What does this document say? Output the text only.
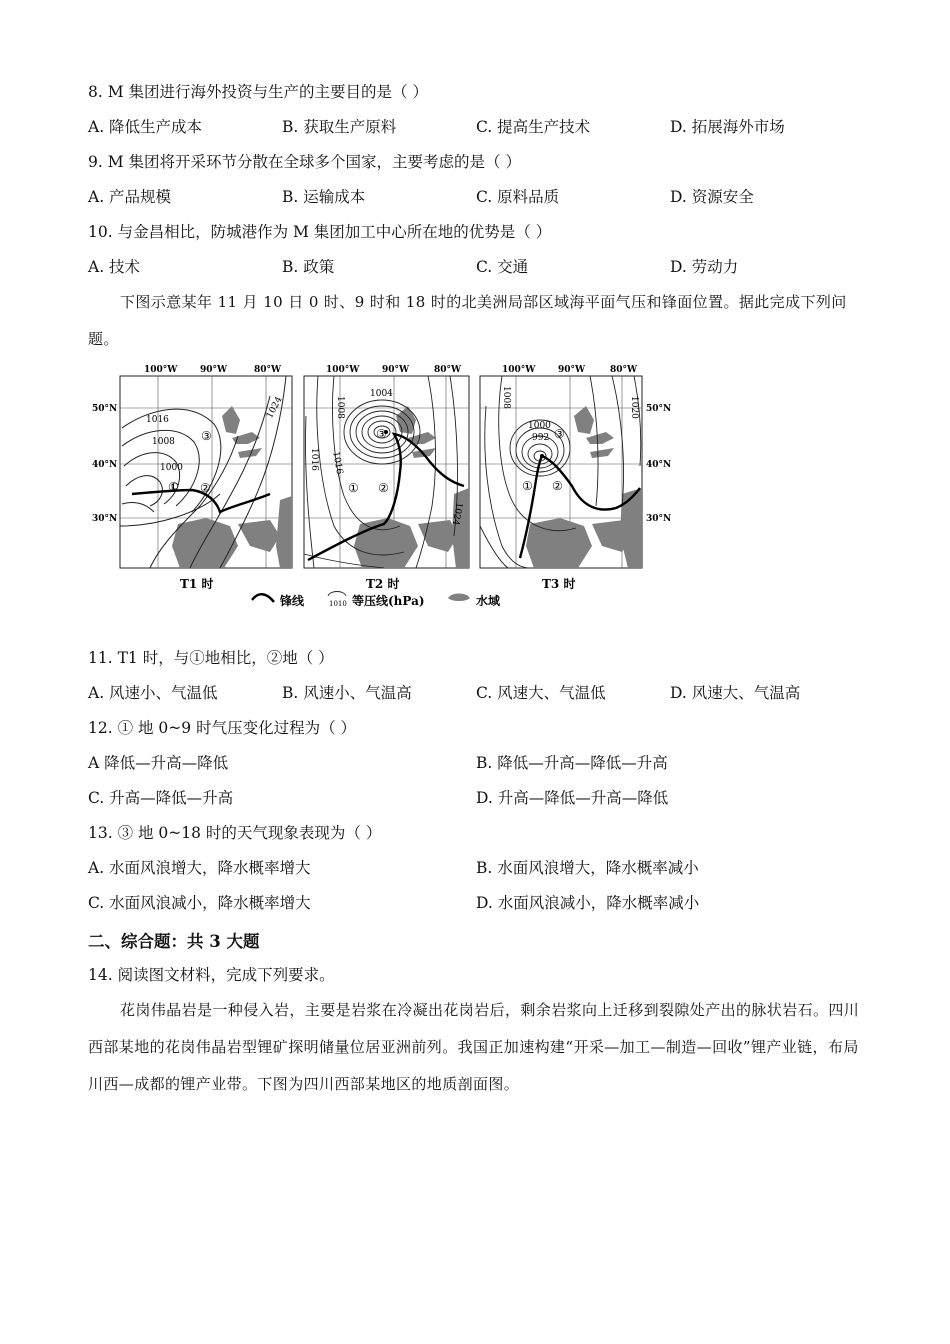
8. M 集团进行海外投资与生产的主要目的是（ ）
A. 降低生产成本	B. 获取生产原料	C. 提高生产技术	D. 拓展海外市场
9. M 集团将开采环节分散在全球多个国家，主要考虑的是（ ）
A. 产品规模	B. 运输成本	C. 原料品质	D. 资源安全
10. 与金昌相比，防城港作为 M 集团加工中心所在地的优势是（ ）
A. 技术	B. 政策	C. 交通	D. 劳动力
下图示意某年 11 月 10 日 0 时、9 时和 18 时的北美洲局部区域海平面气压和锋面位置。据此完成下列问题。
1016
1008
1000
1024
① ②
③
100°W	90°W	80°W
50°N
40°N
30°N
T1 时
1008
1004
1016 1016
1024
① ②
③
100°W	90°W	80°W
T2 时
1008
1000
992
1020
① ②
③
100°W	90°W	80°W
50°N
40°N
30°N
T3 时
锋线	1010 等压线(hPa)	水域
11. T1 时，与①地相比，②地（ ）
A. 风速小、气温低	B. 风速小、气温高	C. 风速大、气温低	D. 风速大、气温高
12. ① 地 0~9 时气压变化过程为（ ）
A 降低—升高—降低	B. 降低—升高—降低—升高
C. 升高—降低—升高	D. 升高—降低—升高—降低
13. ③ 地 0~18 时的天气现象表现为（ ）
A. 水面风浪增大，降水概率增大	B. 水面风浪增大，降水概率减小
C. 水面风浪减小，降水概率增大	D. 水面风浪减小，降水概率减小
二、综合题：共 3 大题
14. 阅读图文材料，完成下列要求。
花岗伟晶岩是一种侵入岩，主要是岩浆在冷凝出花岗岩后，剩余岩浆向上迁移到裂隙处产出的脉状岩石。四川西部某地的花岗伟晶岩型锂矿探明储量位居亚洲前列。我国正加速构建“开采—加工—制造—回收”锂产业链，布局川西—成都的锂产业带。下图为四川西部某地区的地质剖面图。
